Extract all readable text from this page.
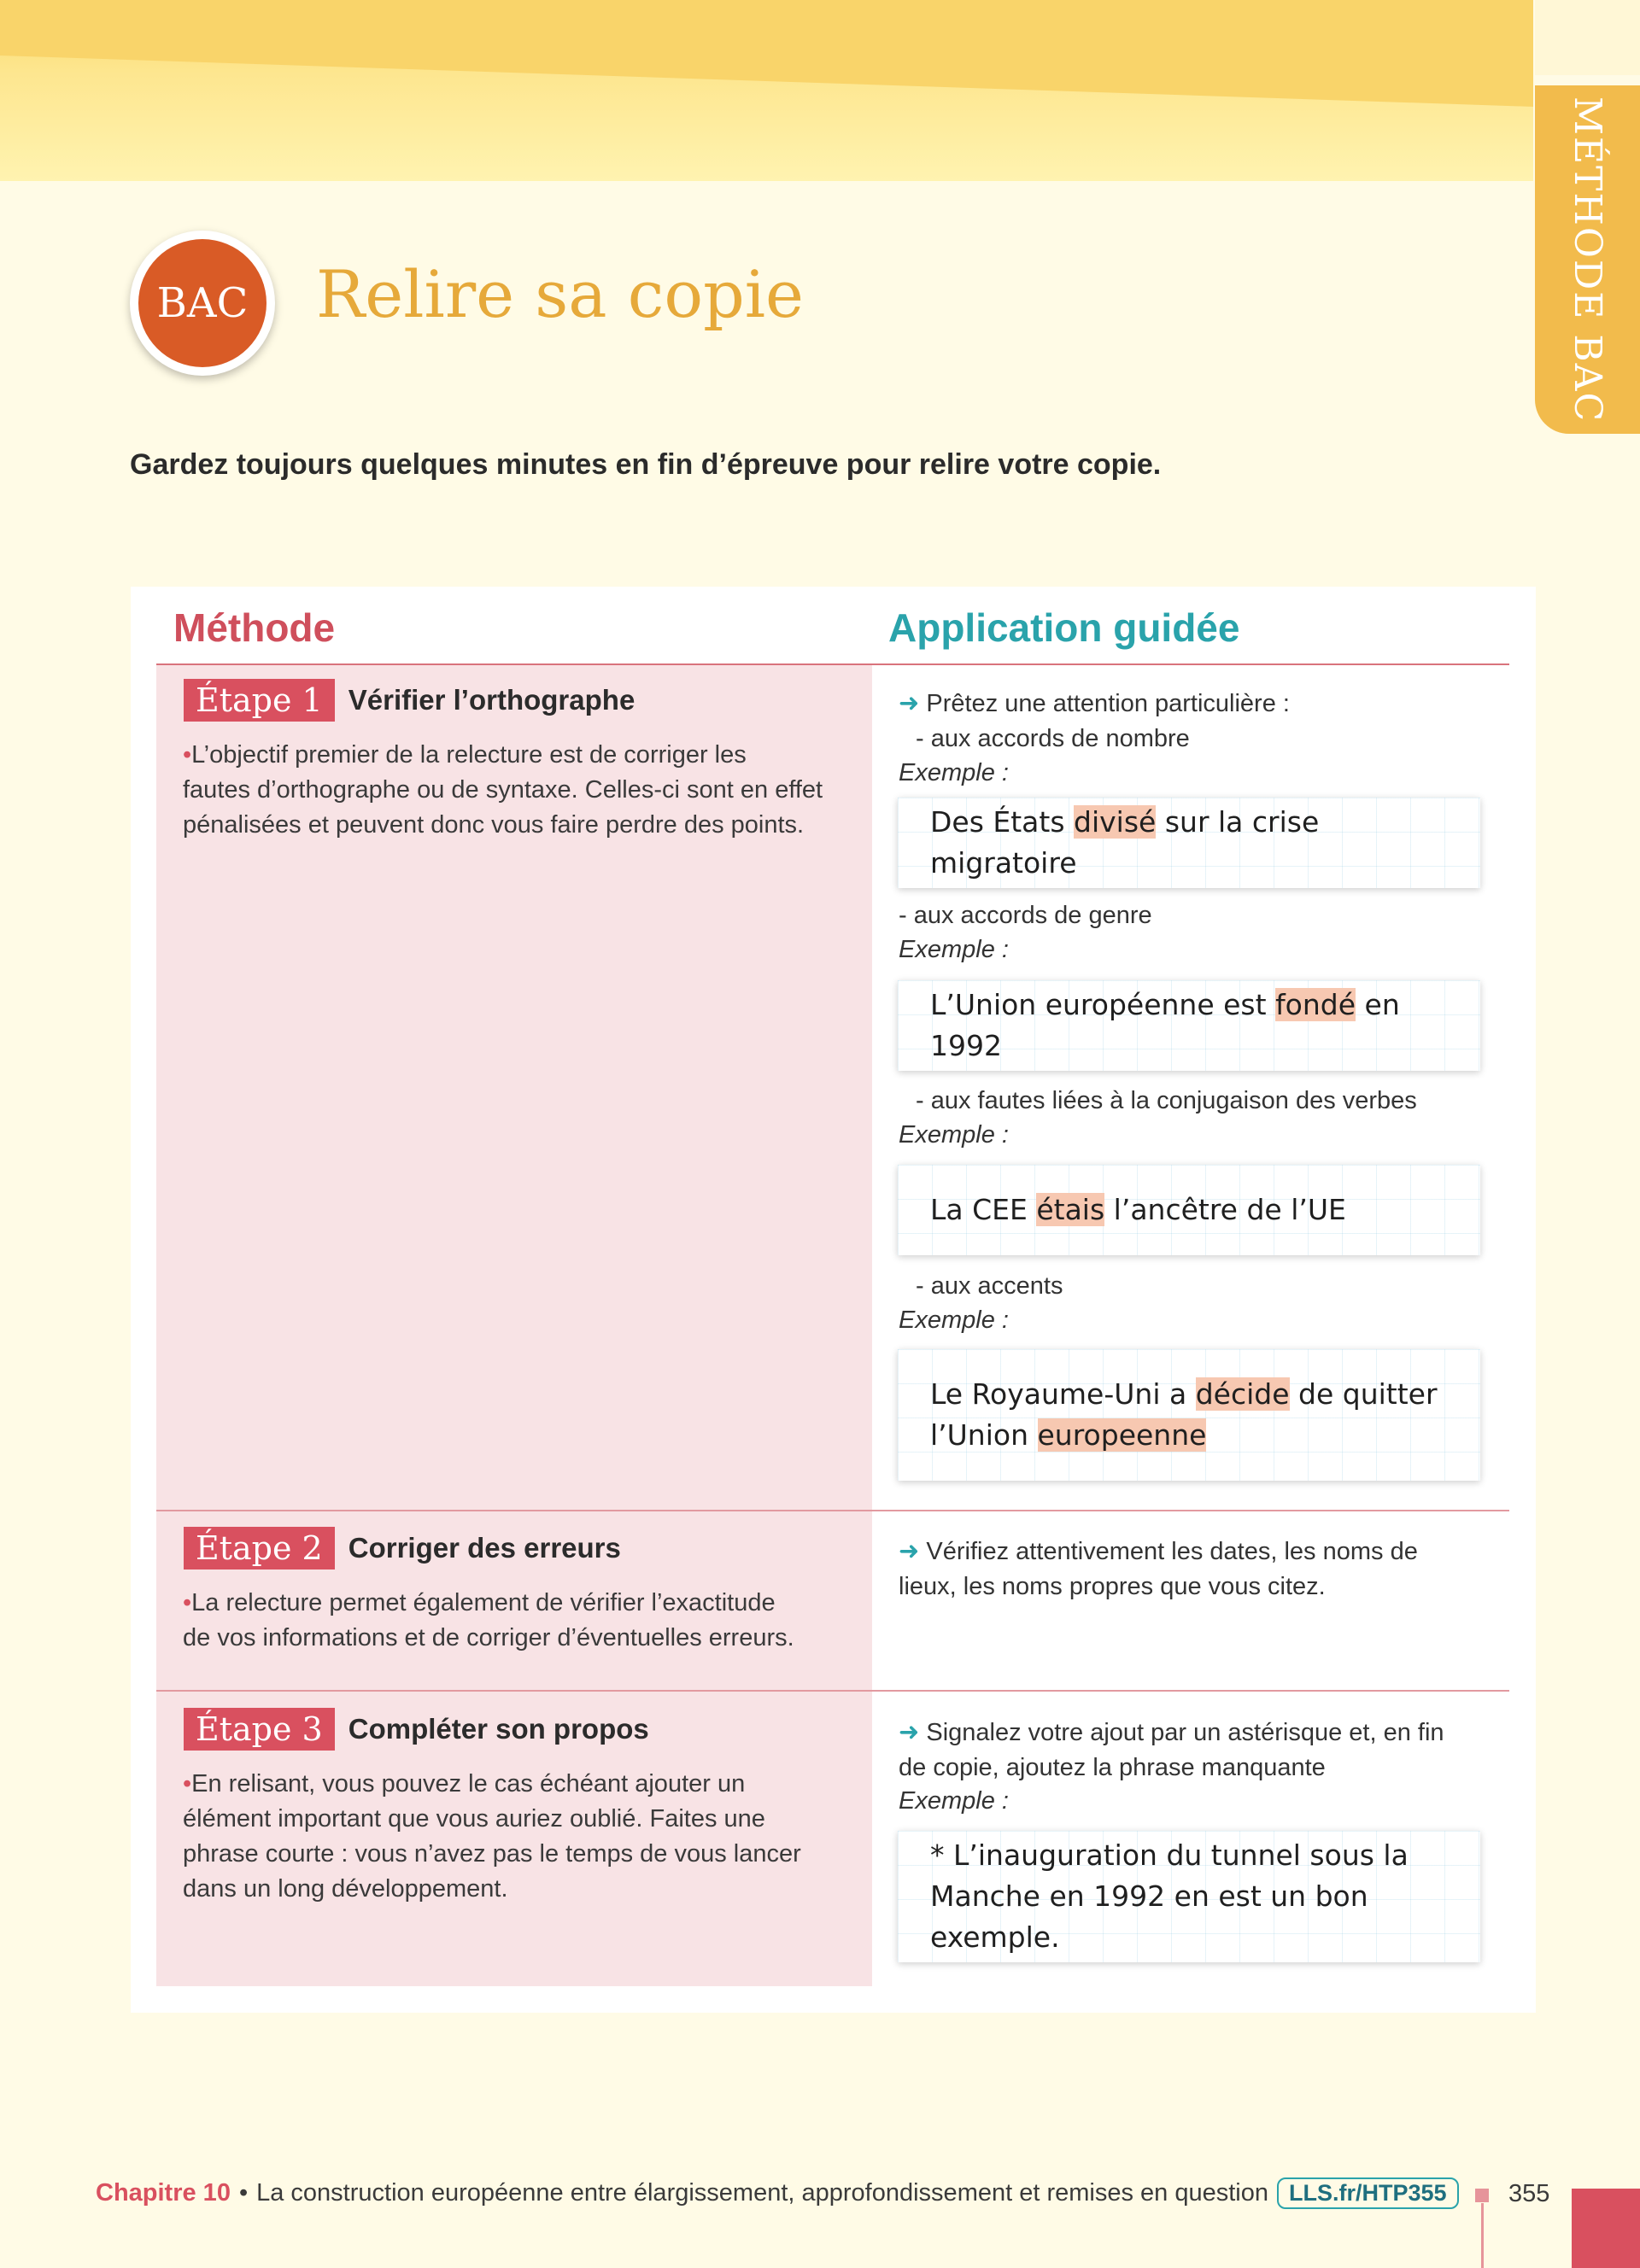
MÉTHODE BAC
BAC Relire sa copie

Gardez toujours quelques minutes en fin d’épreuve pour relire votre copie.

Méthode	Application guidée
Étape 1 Vérifier l’orthographe

•L’objectif premier de la relecture est de corriger les
fautes d’orthographe ou de syntaxe. Celles-ci sont en effet
pénalisées et peuvent donc vous faire perdre des points.

➜ Prêtez une attention particulière :

- aux accords de nombre

Exemple :

Des États divisé sur la crise migratoire

- aux accords de genre

Exemple :

L’Union européenne est fondé en 1992

- aux fautes liées à la conjugaison des verbes

Exemple :

La CEE étais l’ancêtre de l’UE

- aux accents

Exemple :

Le Royaume-Uni a décide de quitter
l’Union europeenne
Étape 2 Corriger des erreurs

•La relecture permet également de vérifier l’exactitude
de vos informations et de corriger d’éventuelles erreurs.

➜ Vérifiez attentivement les dates, les noms de
lieux, les noms propres que vous citez.

Étape 3 Compléter son propos

•En relisant, vous pouvez le cas échéant ajouter un
élément important que vous auriez oublié. Faites une
phrase courte : vous n’avez pas le temps de vous lancer
dans un long développement.

➜ Signalez votre ajout par un astérisque et, en fin
de copie, ajoutez la phrase manquante

Exemple :

* L’inauguration du tunnel sous la
Manche en 1992 en est un bon exemple.
Chapitre 10 • La construction européenne entre élargissement, approfondissement et remises en question LLS.fr/HTP355	355
